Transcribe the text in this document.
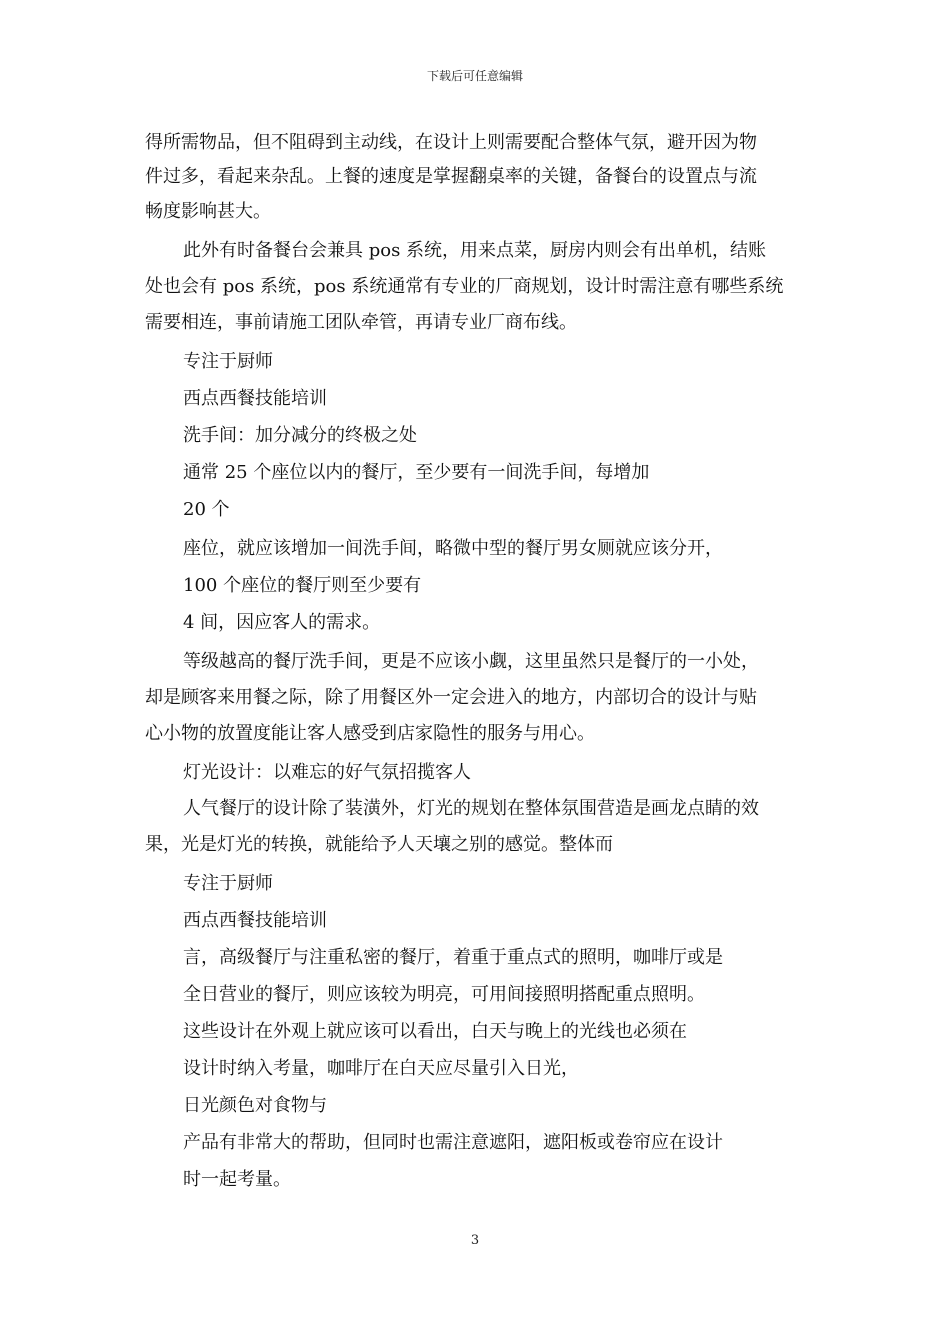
下载后可任意编辑
得所需物品，但不阻碍到主动线，在设计上则需要配合整体气氛，避开因为物
件过多，看起来杂乱。上餐的速度是掌握翻桌率的关键，备餐台的设置点与流
畅度影响甚大。
此外有时备餐台会兼具 pos 系统，用来点菜，厨房内则会有出单机，结账
处也会有 pos 系统，pos 系统通常有专业的厂商规划，设计时需注意有哪些系统
需要相连，事前请施工团队牵管，再请专业厂商布线。
专注于厨师
西点西餐技能培训
洗手间：加分减分的终极之处
通常 25 个座位以内的餐厅，至少要有一间洗手间，每增加
20 个
座位，就应该增加一间洗手间，略微中型的餐厅男女厕就应该分开，
100 个座位的餐厅则至少要有
4 间，因应客人的需求。
等级越高的餐厅洗手间，更是不应该小觑，这里虽然只是餐厅的一小处，
却是顾客来用餐之际，除了用餐区外一定会进入的地方，内部切合的设计与贴
心小物的放置度能让客人感受到店家隐性的服务与用心。
灯光设计：以难忘的好气氛招揽客人
人气餐厅的设计除了装潢外，灯光的规划在整体氛围营造是画龙点睛的效
果，光是灯光的转换，就能给予人天壤之别的感觉。整体而
专注于厨师
西点西餐技能培训
言，高级餐厅与注重私密的餐厅，着重于重点式的照明，咖啡厅或是
全日营业的餐厅，则应该较为明亮，可用间接照明搭配重点照明。
这些设计在外观上就应该可以看出，白天与晚上的光线也必须在
设计时纳入考量，咖啡厅在白天应尽量引入日光，
日光颜色对食物与
产品有非常大的帮助，但同时也需注意遮阳，遮阳板或卷帘应在设计
时一起考量。
3
